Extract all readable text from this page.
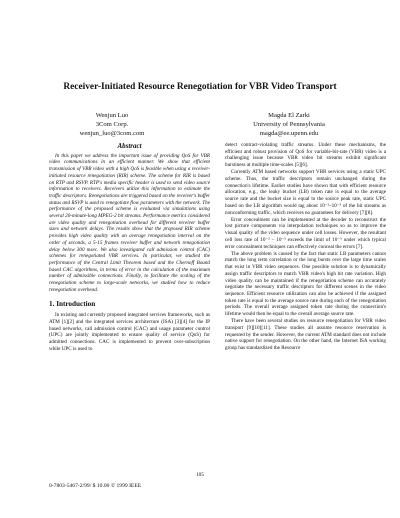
Receiver-Initiated Resource Renegotiation for VBR Video Transport
Wenjun Luo
3Com Corp.
wenjun_luo@3com.com
Magda El Zarki
University of Pennsylvania
magda@ee.upenn.edu

Abstract

In this paper we address the important issue of providing QoS for VBR video communications in an efficient manner. We show that efficient transmission of VBR video with a high QoS is feasible when using a receiver-initiated resource renegotiation (RIR) scheme. The scheme for RIR is based on RTP and RSVP. RTP's media specific header is used to send video source information to receivers. Receivers utilize this information to estimate the traffic descriptors. Renegotiations are triggered based on the receiver's buffer status and RSVP is used to renegotiate flow parameters with the network. The performance of the proposed scheme is evaluated via simulations using several 20-minute-long MPEG-2 bit streams. Performance metrics considered are video quality and renegotiation overhead for different receiver buffer sizes and network delays. The results show that the proposed RIR scheme provides high video quality with an average renegotiation interval on the order of seconds, a 5-15 frames receiver buffer and network renegotiation delay below 300 msec. We also investigated call admission control (CAC) schemes for renegotiated VBR services. In particular, we studied the performance of the Central Limit Theorem based and the Chernoff Bound based CAC algorithms, in terms of error in the calculation of the maximum number of admissible connections. Finally, to facilitate the scaling of the renegotiation scheme to large-scale networks, we studied how to reduce renegotiation overhead.

1. Introduction

In existing and currently proposed integrated services frameworks, such as ATM [1][2] and the integrated services architecture (ISA) [3][4] for the IP based networks, call admission control (CAC) and usage parameter control (UPC) are jointly implemented to ensure quality of service (QoS) for admitted connections. CAC is implemented to prevent over-subscription while UPC is used to

detect contract-violating traffic streams. Under these mechanisms, the efficient and robust provision of QoS for variable-bit-rate (VBR) video is a challenging issue because VBR video bit streams exhibit significant burstiness at multiple time-scales [5][6].

Currently ATM based networks support VBR services using a static UPC scheme. Thus, the traffic descriptors remain unchanged during the connection's lifetime. Earlier studies have shown that with efficient resource allocation, e.g., the leaky bucket (LB) token rate is equal to the average source rate and the bucket size is equal to the source peak rate, static UPC based on the LB algorithm would tag about 10⁻²–10⁻³ of the bit streams as nonconforming traffic, which receives no guarantees for delivery [7][8].

Error concealment can be implemented at the decoder to reconstruct the lost picture components via interpolation techniques so as to improve the visual quality of the video sequence under cell losses. However, the resultant cell loss rate of 10⁻² – 10⁻³ exceeds the limit of 10⁻⁵ under which typical error concealment techniques can effectively conceal the errors [7].

The above problem is caused by the fact that static LB parameters cannot match the long term correlation or the long bursts over the large time scales that exist in VBR video sequences. One possible solution is to dynamically assign traffic descriptors to match VBR video's high bit rate variation. High video quality can be maintained if the renegotiation scheme can accurately negotiate the necessary traffic descriptors for different scenes in the video sequence. Efficient resource utilization can also be achieved if the assigned token rate is equal to the average source rate during each of the renegotiation periods. The overall average assigned token rate during the connection's lifetime would then be equal to the overall average source rate.

There have been several studies on resource renegotiation for VBR video transport [9][10][11]. These studies all assume resource reservation is requested by the sender. However, the current ATM standard does not include native support for renegotiation. On the other hand, the Internet ISA working group has standardized the Resource

105
0-7803-5467-2/99/ $ 10.00 © 1999 IEEE
